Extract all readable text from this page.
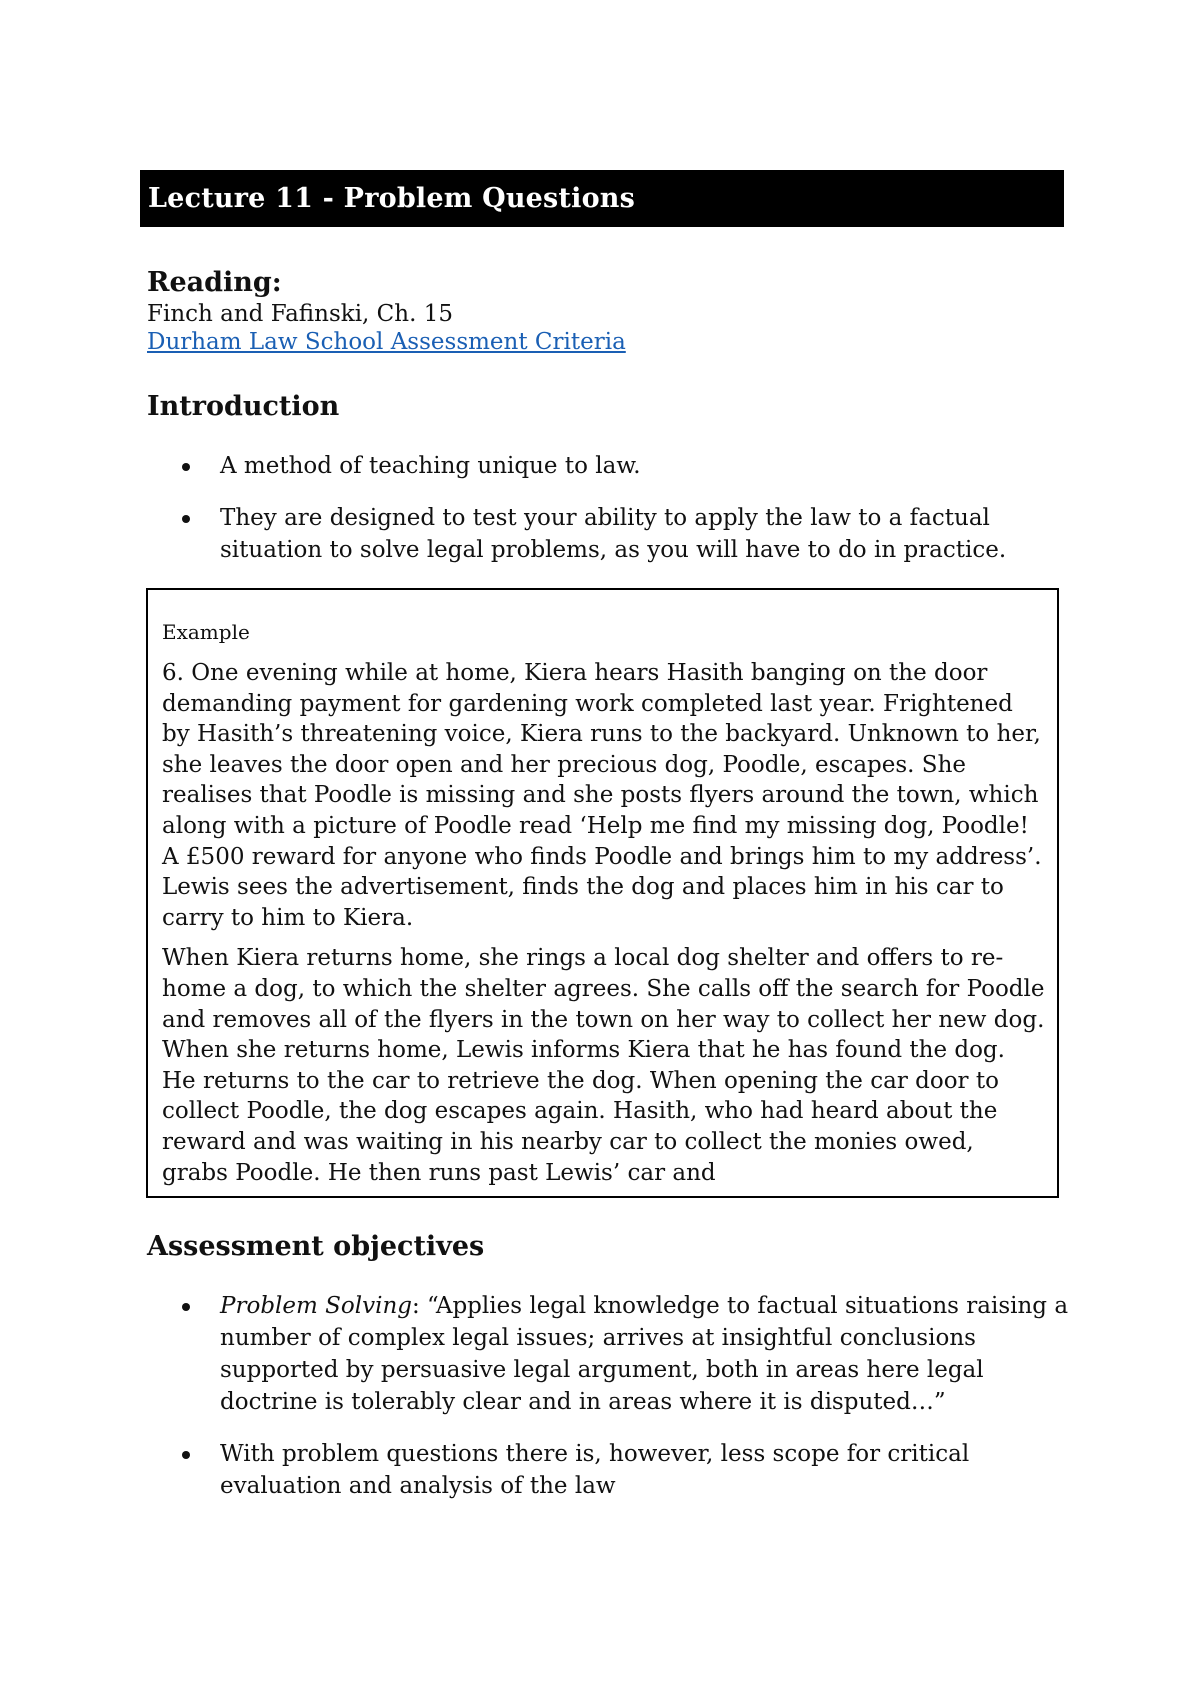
Lecture 11 - Problem Questions

Reading:

Finch and Fafinski, Ch. 15

Durham Law School Assessment Criteria

Introduction

A method of teaching unique to law.
They are designed to test your ability to apply the law to a factual situation to solve legal problems, as you will have to do in practice.

Example

6. One evening while at home, Kiera hears Hasith banging on the door demanding payment for gardening work completed last year. Frightened by Hasith’s threatening voice, Kiera runs to the backyard. Unknown to her, she leaves the door open and her precious dog, Poodle, escapes. She realises that Poodle is missing and she posts flyers around the town, which along with a picture of Poodle read ‘Help me find my missing dog, Poodle! A £500 reward for anyone who finds Poodle and brings him to my address’. Lewis sees the advertisement, finds the dog and places him in his car to carry to him to Kiera.

When Kiera returns home, she rings a local dog shelter and offers to re-home a dog, to which the shelter agrees. She calls off the search for Poodle and removes all of the flyers in the town on her way to collect her new dog. When she returns home, Lewis informs Kiera that he has found the dog. He returns to the car to retrieve the dog. When opening the car door to collect Poodle, the dog escapes again. Hasith, who had heard about the reward and was waiting in his nearby car to collect the monies owed, grabs Poodle. He then runs past Lewis’ car and

Assessment objectives

Problem Solving: “Applies legal knowledge to factual situations raising a number of complex legal issues; arrives at insightful conclusions supported by persuasive legal argument, both in areas here legal doctrine is tolerably clear and in areas where it is disputed…”
With problem questions there is, however, less scope for critical evaluation and analysis of the law
